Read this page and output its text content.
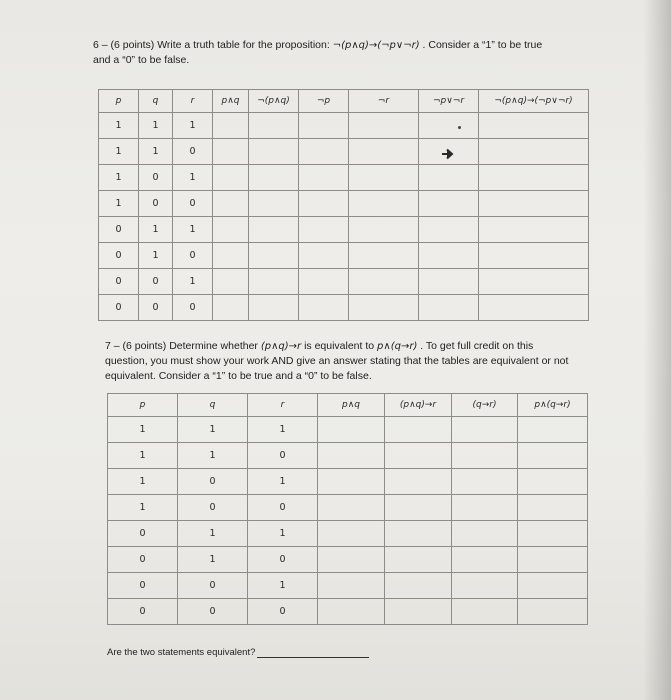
6 – (6 points) Write a truth table for the proposition: ¬(p∧q)→(¬p∨¬r) . Consider a “1” to be true
and a “0” to be false.
p	q	r	p∧q	¬(p∧q)	¬p	¬r	¬p∨¬r	¬(p∧q)→(¬p∨¬r)
1	1	1						
1	1	0						
1	0	1						
1	0	0						
0	1	1						
0	1	0						
0	0	1						
0	0	0						
7 – (6 points) Determine whether (p∧q)→r is equivalent to p∧(q→r) . To get full credit on this
question, you must show your work AND give an answer stating that the tables are equivalent or not
equivalent. Consider a “1” to be true and a “0” to be false.
p	q	r	p∧q	(p∧q)→r	(q→r)	p∧(q→r)
1	1	1				
1	1	0				
1	0	1				
1	0	0				
0	1	1				
0	1	0				
0	0	1				
0	0	0				
Are the two statements equivalent?
